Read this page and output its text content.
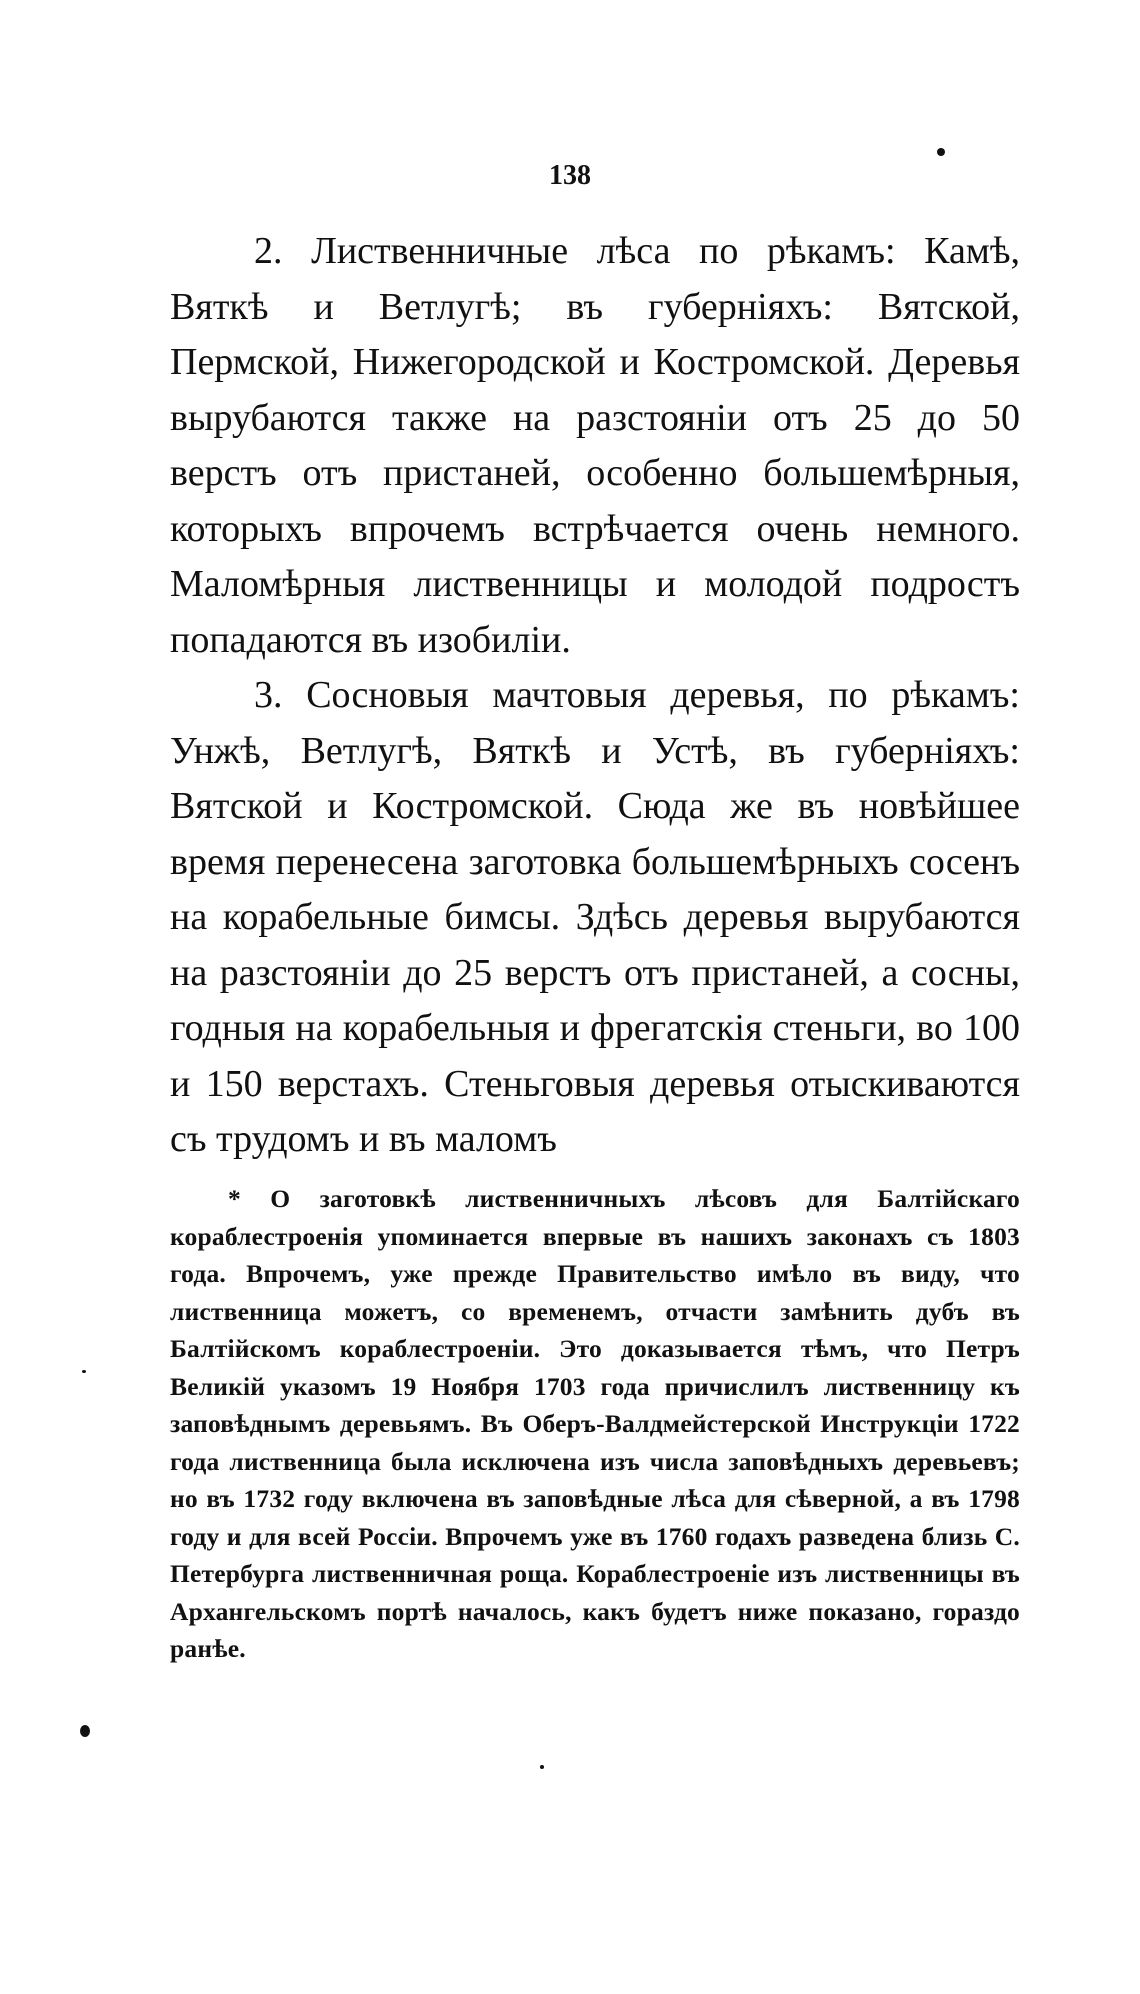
138

2. Лиственничные лѣса по рѣкамъ: Камѣ, Вяткѣ и Ветлугѣ; въ губерніяхъ: Вятской, Пермской, Нижегородской и Костромской. Деревья вырубаются также на разстояніи отъ 25 до 50 верстъ отъ пристаней, особенно большемѣрныя, которыхъ впрочемъ встрѣчается очень немного. Маломѣрныя лиственницы и молодой подростъ попадаются въ изобиліи.

3. Сосновыя мачтовыя деревья, по рѣкамъ: Унжѣ, Ветлугѣ, Вяткѣ и Устѣ, въ губерніяхъ: Вятской и Костромской. Сюда же въ новѣйшее время перенесена заготовка большемѣрныхъ сосенъ на корабельные бимсы. Здѣсь деревья вырубаются на разстояніи до 25 верстъ отъ пристаней, а сосны, годныя на корабельныя и фрегатскія стеньги, во 100 и 150 верстахъ. Стеньговыя деревья отыскиваются съ трудомъ и въ маломъ

* О заготовкѣ лиственничныхъ лѣсовъ для Балтійскаго кораблестроенія упоминается впервые въ нашихъ законахъ съ 1803 года. Впрочемъ, уже прежде Правительство имѣло въ виду, что лиственница можетъ, со временемъ, отчасти замѣнить дубъ въ Балтійскомъ кораблестроеніи. Это доказывается тѣмъ, что Петръ Великій указомъ 19 Ноября 1703 года причислилъ лиственницу къ заповѣднымъ деревьямъ. Въ Оберъ-Валдмейстерской Инструкціи 1722 года лиственница была исключена изъ числа заповѣдныхъ деревьевъ; но въ 1732 году включена въ заповѣдные лѣса для сѣверной, а въ 1798 году и для всей Россіи. Впрочемъ уже въ 1760 годахъ разведена близь С. Петербурга лиственничная роща. Кораблестроеніе изъ лиственницы въ Архангельскомъ портѣ началось, какъ будетъ ниже показано, гораздо ранѣе.
